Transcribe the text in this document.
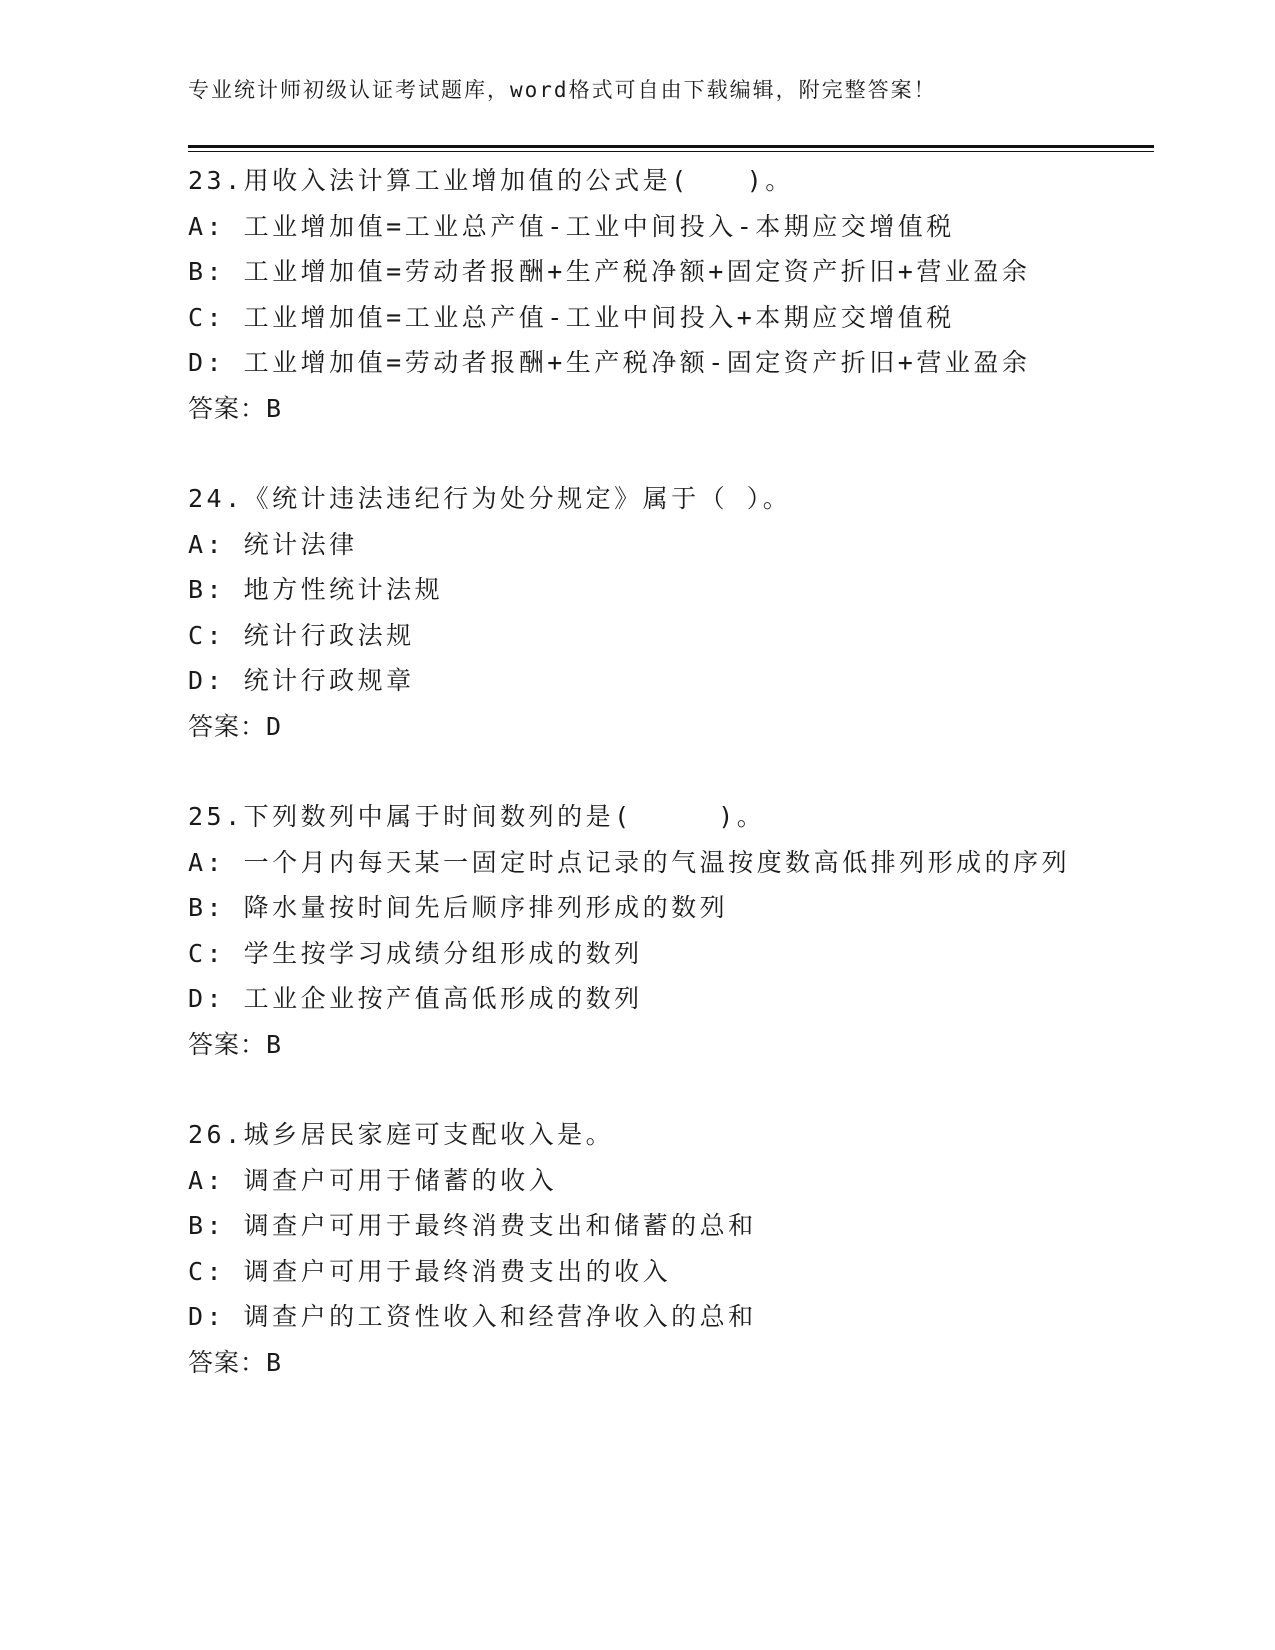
专业统计师初级认证考试题库，word格式可自由下载编辑，附完整答案！
23.用收入法计算工业增加值的公式是(　　)。
A: 工业增加值=工业总产值-工业中间投入-本期应交增值税
B: 工业增加值=劳动者报酬+生产税净额+固定资产折旧+营业盈余
C: 工业增加值=工业总产值-工业中间投入+本期应交增值税
D: 工业增加值=劳动者报酬+生产税净额-固定资产折旧+营业盈余
答案：B
24.《统计违法违纪行为处分规定》属于（ ）。
A: 统计法律
B: 地方性统计法规
C: 统计行政法规
D: 统计行政规章
答案：D
25.下列数列中属于时间数列的是(　　　)。
A: 一个月内每天某一固定时点记录的气温按度数高低排列形成的序列
B: 降水量按时间先后顺序排列形成的数列
C: 学生按学习成绩分组形成的数列
D: 工业企业按产值高低形成的数列
答案：B
26.城乡居民家庭可支配收入是。
A: 调查户可用于储蓄的收入
B: 调查户可用于最终消费支出和储蓄的总和
C: 调查户可用于最终消费支出的收入
D: 调查户的工资性收入和经营净收入的总和
答案：B
